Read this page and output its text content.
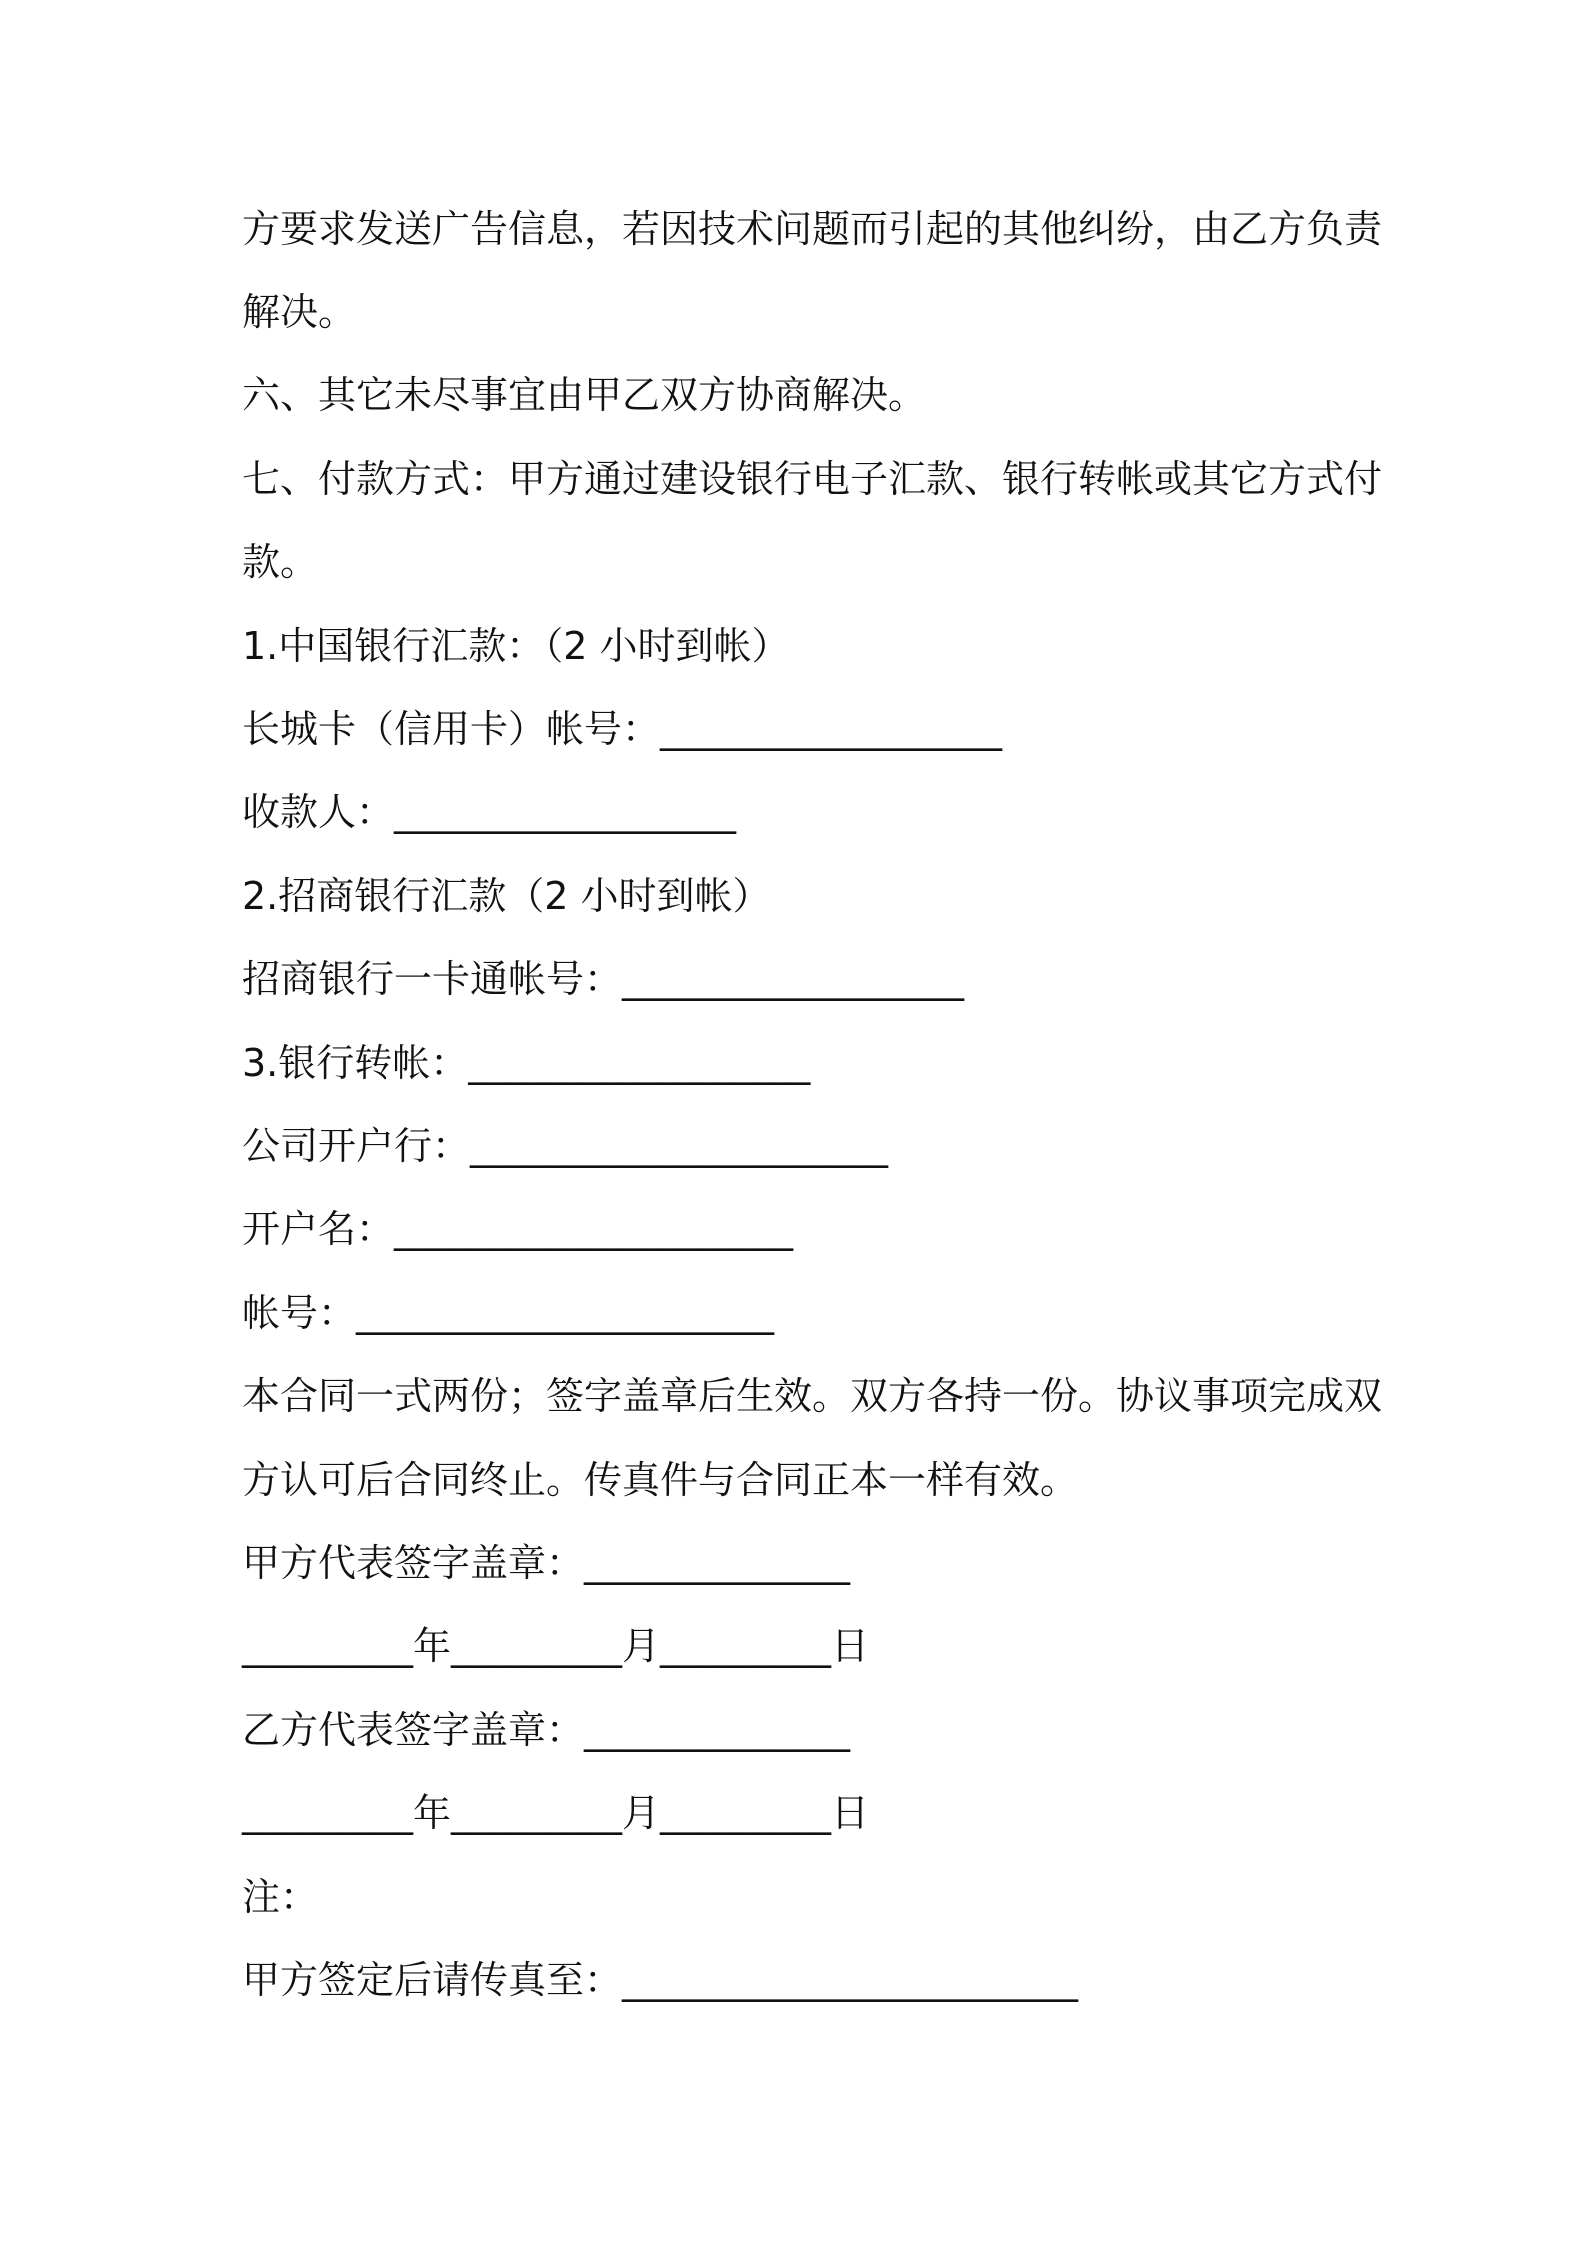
方要求发送广告信息，若因技术问题而引起的其他纠纷，由乙方负责
解决。
六、其它未尽事宜由甲乙双方协商解决。
七、付款方式：甲方通过建设银行电子汇款、银行转帐或其它方式付
款。
1.中国银行汇款：（2 小时到帐）
长城卡（信用卡）帐号：__________________
收款人：__________________
2.招商银行汇款（2 小时到帐）
招商银行一卡通帐号：__________________
3.银行转帐：__________________
公司开户行：______________________
开户名：_____________________
帐号：______________________
本合同一式两份；签字盖章后生效。双方各持一份。协议事项完成双
方认可后合同终止。传真件与合同正本一样有效。
甲方代表签字盖章：______________
_________年_________月_________日
乙方代表签字盖章：______________
_________年_________月_________日
注：
甲方签定后请传真至：________________________
